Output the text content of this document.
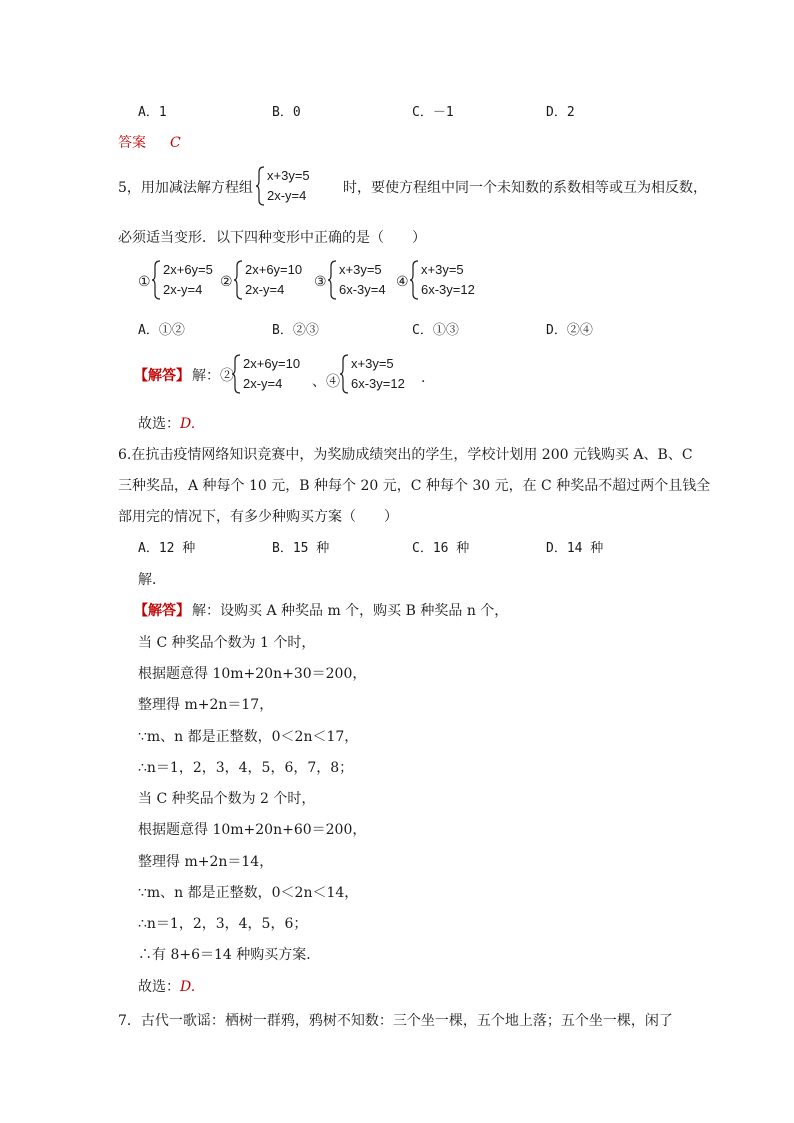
A．1	B．0	C．－1	D．2
答案 C
5，用加减法解方程组
x+3y=5
2x-y=4	时，要使方程组中同一个未知数的系数相等或互为相反数，
必须适当变形．以下四种变形中正确的是（　　）
①
2x+6y=5
2x-y=4 ②
2x+6y=10
2x-y=4 ③
x+3y=5
6x-3y=4 ④
x+3y=5
6x-3y=12
A．①②	B．②③	C．①③	D．②④
【解答】 解：②
2x+6y=10
2x-y=4 、④
x+3y=5
6x-3y=12 .
故选： D.
6.在抗击疫情网络知识竞赛中，为奖励成绩突出的学生，学校计划用 200 元钱购买 A、B、C
三种奖品，A 种每个 10 元，B 种每个 20 元，C 种每个 30 元，在 C 种奖品不超过两个且钱全
部用完的情况下，有多少种购买方案（　　）
A．12 种	B．15 种	C．16 种	D．14 种
解．
【解答】 解：设购买 A 种奖品 m 个，购买 B 种奖品 n 个，
当 C 种奖品个数为 1 个时，
根据题意得 10m+20n+30＝200，
整理得 m+2n＝17，
∵m、n 都是正整数，0＜2n＜17，
∴n＝1，2，3，4，5，6，7，8；
当 C 种奖品个数为 2 个时，
根据题意得 10m+20n+60＝200，
整理得 m+2n＝14，
∵m、n 都是正整数，0＜2n＜14，
∴n＝1，2，3，4，5，6；
∴有 8+6＝14 种购买方案．
故选： D.
7．古代一歌谣：栖树一群鸦，鸦树不知数：三个坐一棵，五个地上落；五个坐一棵，闲了
